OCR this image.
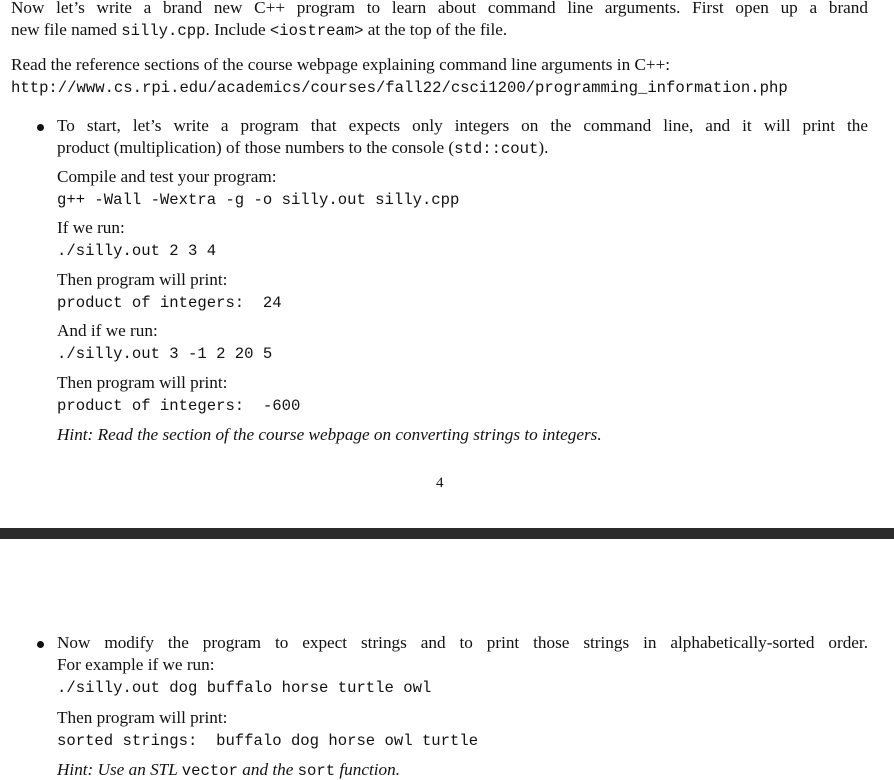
Now let’s write a brand new C++ program to learn about command line arguments. First open up a brand
new file named silly.cpp. Include <iostream> at the top of the file.
Read the reference sections of the course webpage explaining command line arguments in C++:
http://www.cs.rpi.edu/academics/courses/fall22/csci1200/programming_information.php
To start, let’s write a program that expects only integers on the command line, and it will print the
product (multiplication) of those numbers to the console (std::cout).
Compile and test your program:
g++ -Wall -Wextra -g -o silly.out silly.cpp
If we run:
./silly.out 2 3 4
Then program will print:
product of integers:  24
And if we run:
./silly.out 3 -1 2 20 5
Then program will print:
product of integers:  -600
Hint: Read the section of the course webpage on converting strings to integers.
4
Now modify the program to expect strings and to print those strings in alphabetically-sorted order.
For example if we run:
./silly.out dog buffalo horse turtle owl
Then program will print:
sorted strings:  buffalo dog horse owl turtle
Hint: Use an STL vector and the sort function.
